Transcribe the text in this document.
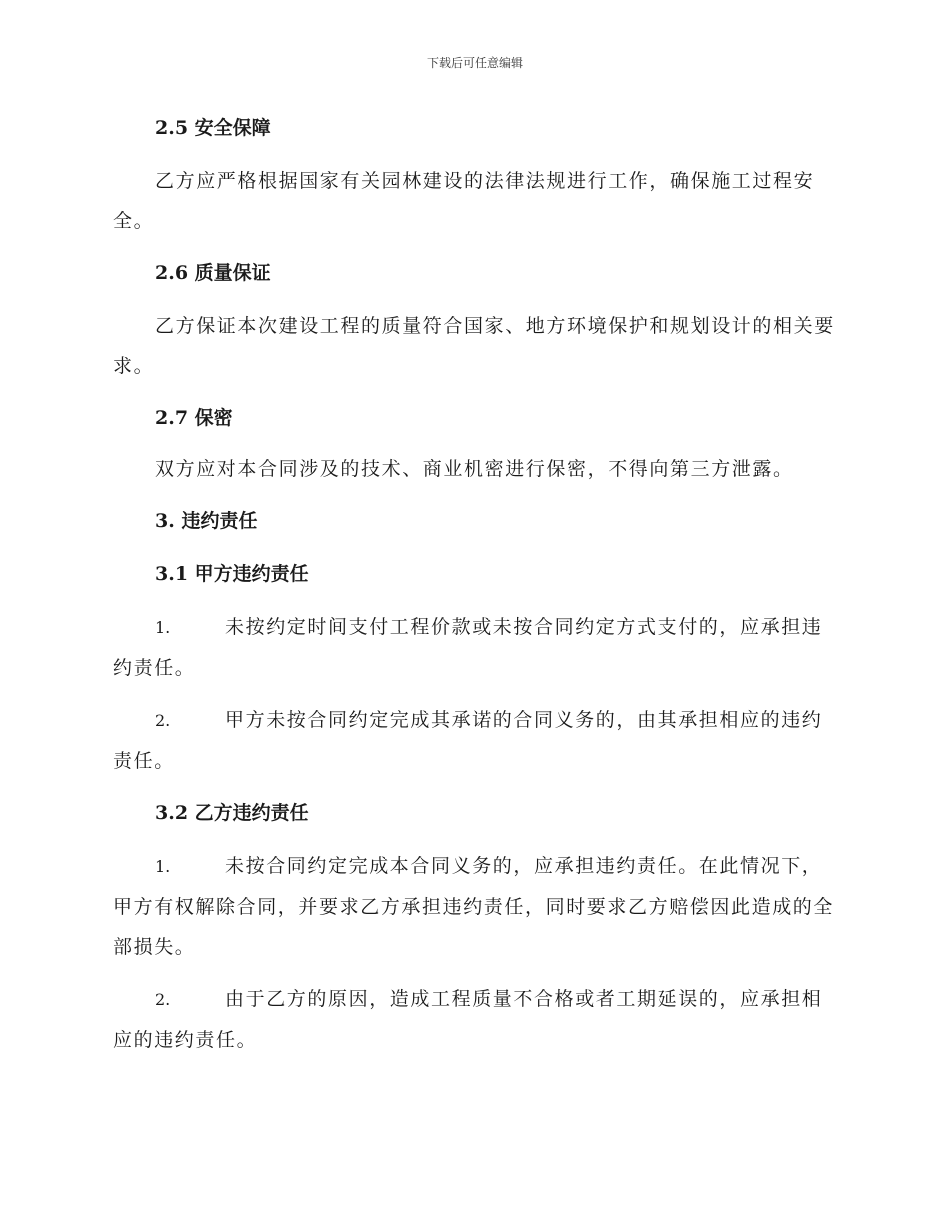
下载后可任意编辑
2.5 安全保障

乙方应严格根据国家有关园林建设的法律法规进行工作，确保施工过程安全。

2.6 质量保证

乙方保证本次建设工程的质量符合国家、地方环境保护和规划设计的相关要求。

2.7 保密

双方应对本合同涉及的技术、商业机密进行保密，不得向第三方泄露。

3. 违约责任
3.1 甲方违约责任

1.	未按约定时间支付工程价款或未按合同约定方式支付的，应承担违约责任。

2.	甲方未按合同约定完成其承诺的合同义务的，由其承担相应的违约责任。

3.2 乙方违约责任

1.	未按合同约定完成本合同义务的，应承担违约责任。在此情况下，甲方有权解除合同，并要求乙方承担违约责任，同时要求乙方赔偿因此造成的全部损失。

2.	由于乙方的原因，造成工程质量不合格或者工期延误的，应承担相应的违约责任。
